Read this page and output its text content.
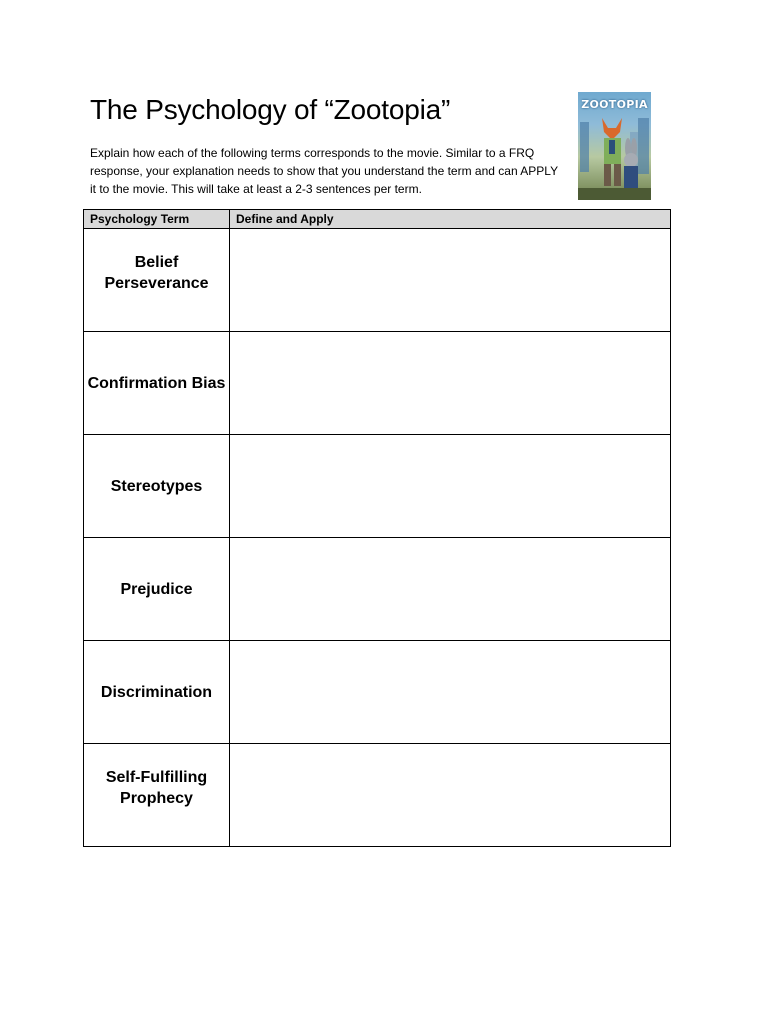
The Psychology of “Zootopia”

Explain how each of the following terms corresponds to the movie. Similar to a FRQ response, your explanation needs to show that you understand the term and can APPLY it to the movie. This will take at least a 2-3 sentences per term.

ZOOTOPIA
Psychology Term	Define and Apply
Belief Perseverance	
Confirmation Bias	
Stereotypes	
Prejudice	
Discrimination	
Self-Fulfilling Prophecy	
